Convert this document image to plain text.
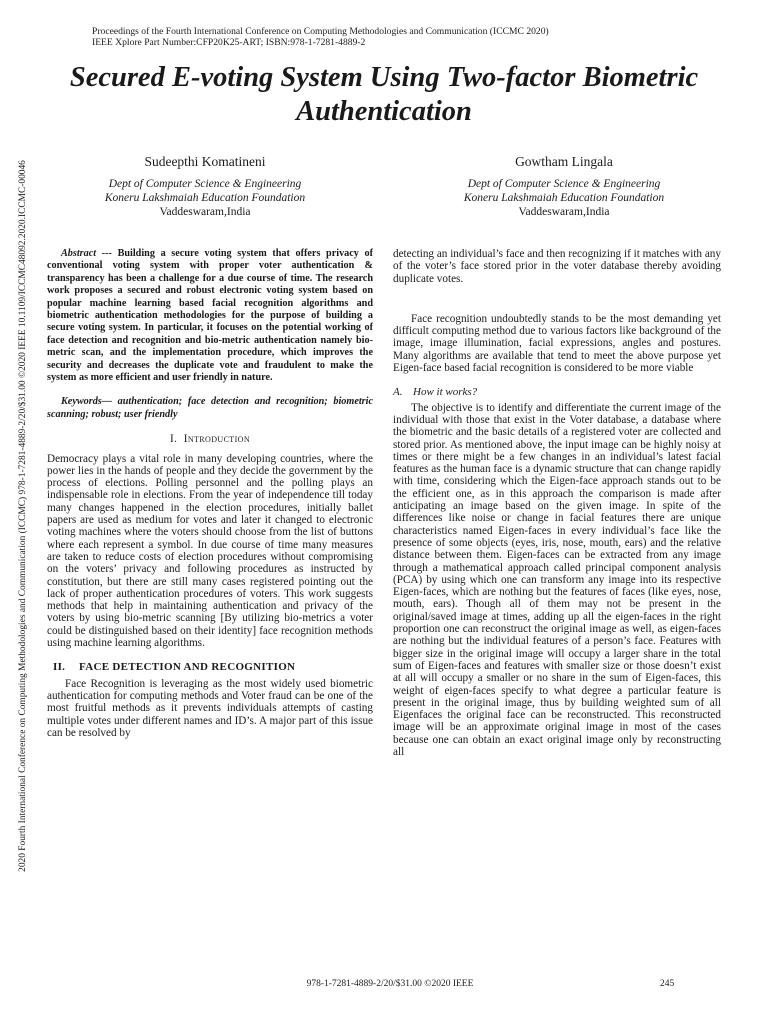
Proceedings of the Fourth International Conference on Computing Methodologies and Communication (ICCMC 2020)
IEEE Xplore Part Number:CFP20K25-ART; ISBN:978-1-7281-4889-2
Secured E-voting System Using Two-factor Biometric Authentication
2020 Fourth International Conference on Computing Methodologies and Communication (ICCMC) 978-1-7281-4889-2/20/$31.00 ©2020 IEEE 10.1109/ICCMC48092.2020.ICCMC-00046	Sudeepthi Komatineni
Dept of Computer Science & Engineering
Koneru Lakshmaiah Education Foundation
Vaddeswaram,India
Gowtham Lingala
Dept of Computer Science & Engineering
Koneru Lakshmaiah Education Foundation
Vaddeswaram,India

Abstract --- Building a secure voting system that offers privacy of conventional voting system with proper voter authentication & transparency has been a challenge for a due course of time. The research work proposes a secured and robust electronic voting system based on popular machine learning based facial recognition algorithms and biometric authentication methodologies for the purpose of building a secure voting system. In particular, it focuses on the potential working of face detection and recognition and bio-metric authentication namely bio-metric scan, and the implementation procedure, which improves the security and decreases the duplicate vote and fraudulent to make the system as more efficient and user friendly in nature.

Keywords— authentication; face detection and recognition; biometric scanning; robust; user friendly

I. Introduction

Democracy plays a vital role in many developing countries, where the power lies in the hands of people and they decide the government by the process of elections. Polling personnel and the polling plays an indispensable role in elections. From the year of independence till today many changes happened in the election procedures, initially ballet papers are used as medium for votes and later it changed to electronic voting machines where the voters should choose from the list of buttons where each represent a symbol. In due course of time many measures are taken to reduce costs of election procedures without compromising on the voters’ privacy and following procedures as instructed by constitution, but there are still many cases registered pointing out the lack of proper authentication procedures of voters. This work suggests methods that help in maintaining authentication and privacy of the voters by using bio-metric scanning [By utilizing bio-metrics a voter could be distinguished based on their identity] face recognition methods using machine learning algorithms.

II. FACE DETECTION AND RECOGNITION

Face Recognition is leveraging as the most widely used biometric authentication for computing methods and Voter fraud can be one of the most fruitful methods as it prevents individuals attempts of casting multiple votes under different names and ID’s. A major part of this issue can be resolved by

detecting an individual’s face and then recognizing if it matches with any of the voter’s face stored prior in the voter database thereby avoiding duplicate votes.

Face recognition undoubtedly stands to be the most demanding yet difficult computing method due to various factors like background of the image, image illumination, facial expressions, angles and postures. Many algorithms are available that tend to meet the above purpose yet Eigen-face based facial recognition is considered to be more viable

A. How it works?

The objective is to identify and differentiate the current image of the individual with those that exist in the Voter database, a database where the biometric and the basic details of a registered voter are collected and stored prior. As mentioned above, the input image can be highly noisy at times or there might be a few changes in an individual’s latest facial features as the human face is a dynamic structure that can change rapidly with time, considering which the Eigen-face approach stands out to be the efficient one, as in this approach the comparison is made after anticipating an image based on the given image. In spite of the differences like noise or change in facial features there are unique characteristics named Eigen-faces in every individual’s face like the presence of some objects (eyes, iris, nose, mouth, ears) and the relative distance between them. Eigen-faces can be extracted from any image through a mathematical approach called principal component analysis (PCA) by using which one can transform any image into its respective Eigen-faces, which are nothing but the features of faces (like eyes, nose, mouth, ears). Though all of them may not be present in the original/saved image at times, adding up all the eigen-faces in the right proportion one can reconstruct the original image as well, as eigen-faces are nothing but the individual features of a person’s face. Features with bigger size in the original image will occupy a larger share in the total sum of Eigen-faces and features with smaller size or those doesn’t exist at all will occupy a smaller or no share in the sum of Eigen-faces, this weight of eigen-faces specify to what degree a particular feature is present in the original image, thus by building weighted sum of all Eigenfaces the original face can be reconstructed. This reconstructed image will be an approximate original image in most of the cases because one can obtain an exact original image only by reconstructing all

978-1-7281-4889-2/20/$31.00 ©2020 IEEE	245
